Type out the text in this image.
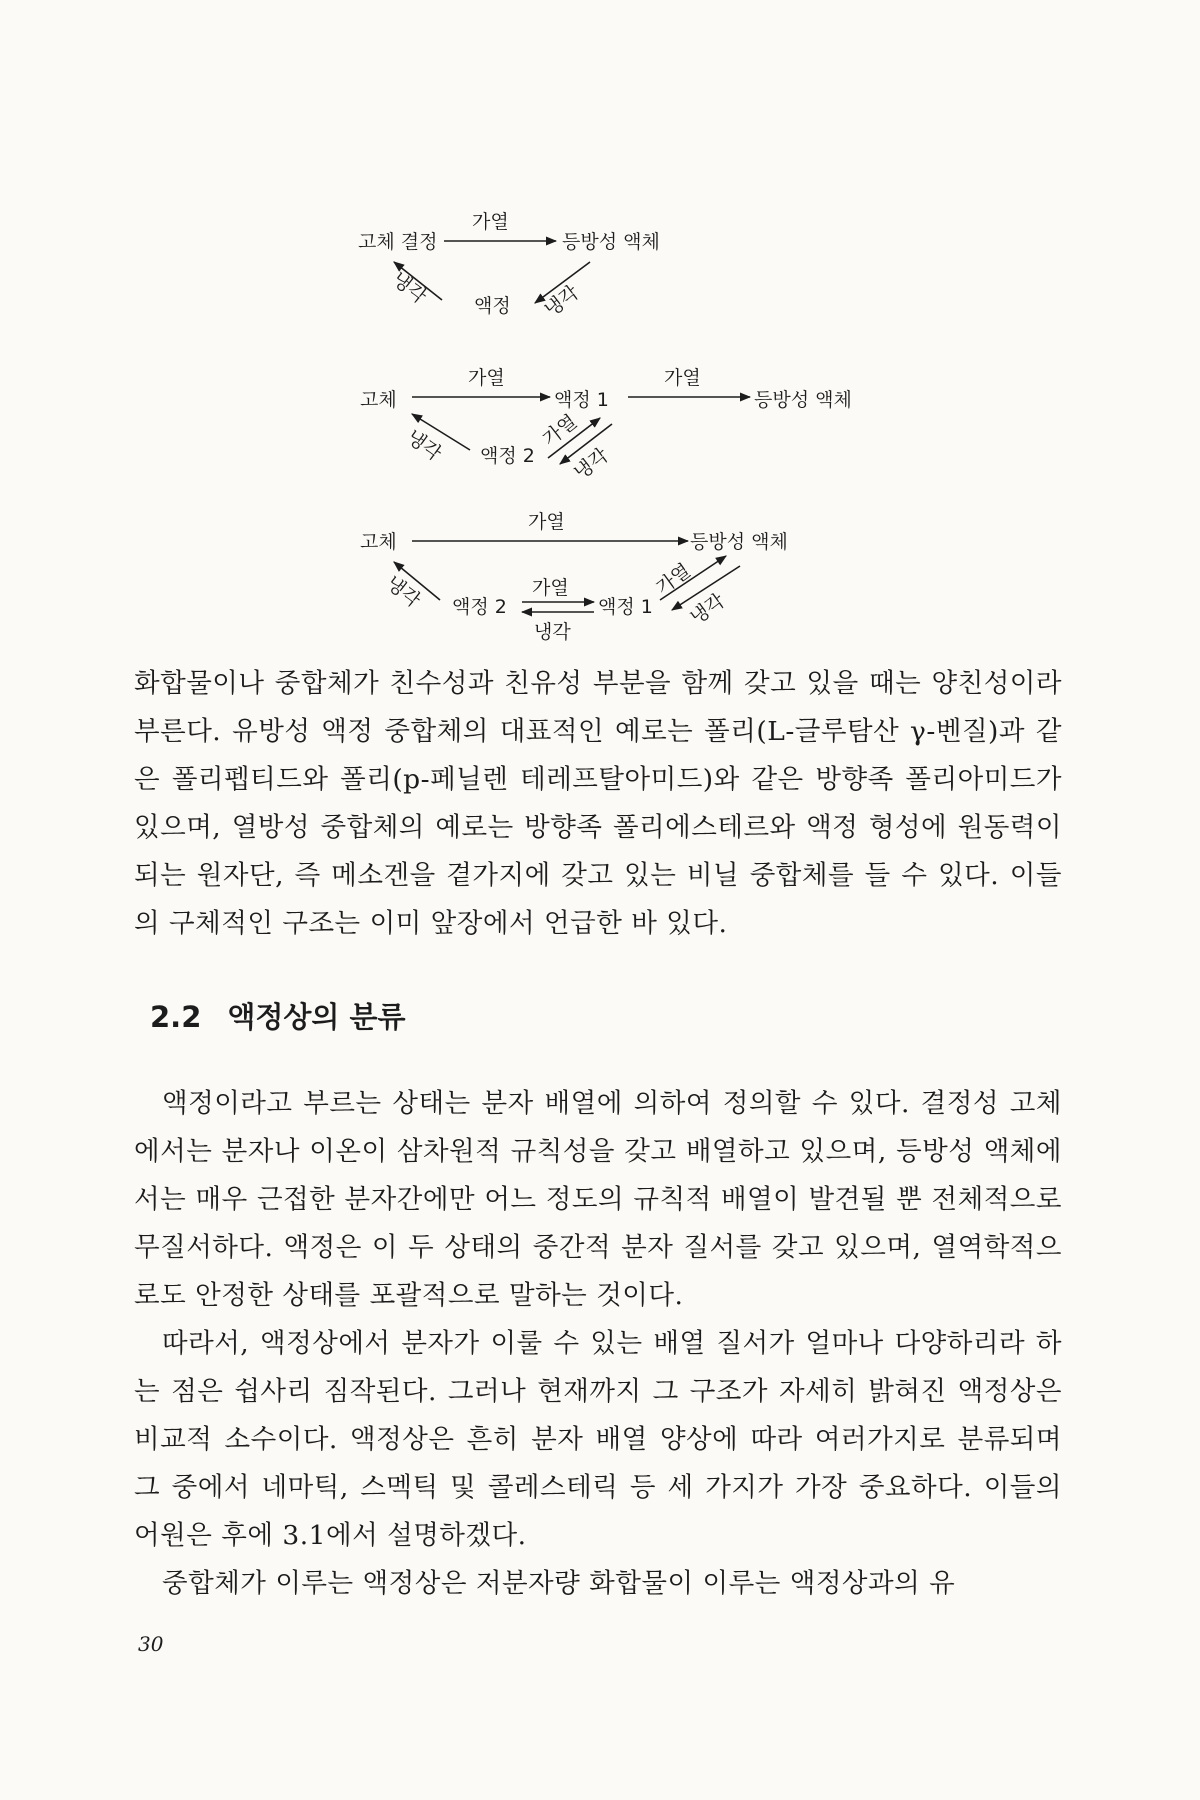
고체 결정
가열
등방성 액체
냉각 액정 냉각
고체
가열
액정 1
가열
등방성 액체
냉각 액정 2
가열
냉각
고체
가열
등방성 액체
냉각 액정 2
가열
냉각
액정 1
가열
냉각

화합물이나 중합체가 친수성과 친유성 부분을 함께 갖고 있을 때는 양친성이라 부른다. 유방성 액정 중합체의 대표적인 예로는 폴리(L-글루탐산 γ-벤질)과 같은 폴리펩티드와 폴리(p-페닐렌 테레프탈아미드)와 같은 방향족 폴리아미드가 있으며, 열방성 중합체의 예로는 방향족 폴리에스테르와 액정 형성에 원동력이 되는 원자단, 즉 메소겐을 곁가지에 갖고 있는 비닐 중합체를 들 수 있다. 이들의 구체적인 구조는 이미 앞장에서 언급한 바 있다.

2.2 액정상의 분류

액정이라고 부르는 상태는 분자 배열에 의하여 정의할 수 있다. 결정성 고체에서는 분자나 이온이 삼차원적 규칙성을 갖고 배열하고 있으며, 등방성 액체에서는 매우 근접한 분자간에만 어느 정도의 규칙적 배열이 발견될 뿐 전체적으로 무질서하다. 액정은 이 두 상태의 중간적 분자 질서를 갖고 있으며, 열역학적으로도 안정한 상태를 포괄적으로 말하는 것이다.

따라서, 액정상에서 분자가 이룰 수 있는 배열 질서가 얼마나 다양하리라 하는 점은 쉽사리 짐작된다. 그러나 현재까지 그 구조가 자세히 밝혀진 액정상은 비교적 소수이다. 액정상은 흔히 분자 배열 양상에 따라 여러가지로 분류되며 그 중에서 네마틱, 스멕틱 및 콜레스테릭 등 세 가지가 가장 중요하다. 이들의 어원은 후에 3.1에서 설명하겠다.

중합체가 이루는 액정상은 저분자량 화합물이 이루는 액정상과의 유

30
